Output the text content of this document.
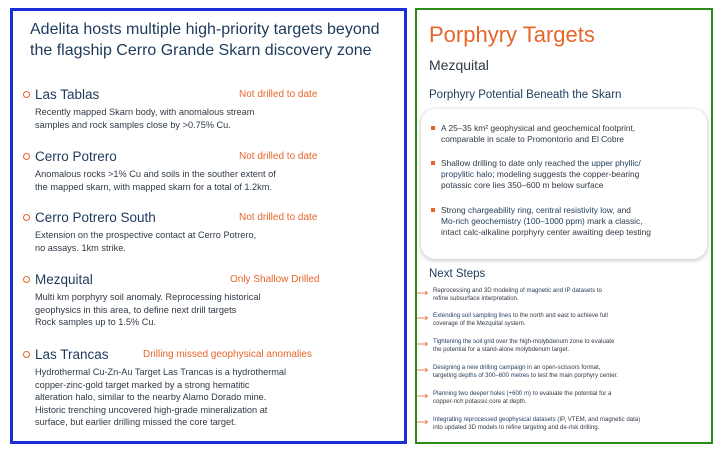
Adelita hosts multiple high-priority targets beyond
the flagship Cerro Grande Skarn discovery zone
Las Tablas	Not drilled to date
Recently mapped Skarn body, with anomalous stream
samples and rock samples close by >0.75% Cu.
Cerro Potrero	Not drilled to date
Anomalous rocks >1% Cu and soils in the souther extent of
the mapped skarn, with mapped skarn for a total of 1.2km.
Cerro Potrero South	Not drilled to date
Extension on the prospective contact at Cerro Potrero,
no assays. 1km strike.
Mezquital	Only Shallow Drilled
Multi km porphyry soil anomaly. Reprocessing historical
geophysics in this area, to define next drill targets
Rock samples up to 1.5% Cu.
Las Trancas	Drilling missed geophysical anomalies
Hydrothermal Cu-Zn-Au Target Las Trancas is a hydrothermal
copper-zinc-gold target marked by a strong hematitic
alteration halo, similar to the nearby Alamo Dorado mine.
Historic trenching uncovered high-grade mineralization at
surface, but earlier drilling missed the core target.
Porphyry Targets
Mezquital
Porphyry Potential Beneath the Skarn
A 25–35 km² geophysical and geochemical footprint,
comparable in scale to Promontorio and El Cobre
Shallow drilling to date only reached the upper phyllic/
propylitic halo; modeling suggests the copper-bearing
potassic core lies 350–600 m below surface
Strong chargeability ring, central resistivity low, and
Mo-rich geochemistry (100–1000 ppm) mark a classic,
intact calc-alkaline porphyry center awaiting deep testing
Next Steps
Reprocessing and 3D modeling of magnetic and IP datasets to
refine subsurface interpretation.
Extending soil sampling lines to the north and east to achieve full
coverage of the Mezquital system.
Tightening the soil grid over the high-molybdenum zone to evaluate
the potential for a stand-alone molybdenum target.
Designing a new drilling campaign in an open-scissors format,
targeting depths of 300–600 metres to test the main porphyry center.
Planning two deeper holes (+600 m) to evaluate the potential for a
copper-rich potassic core at depth.
Integrating reprocessed geophysical datasets (IP, VTEM, and magnetic data)
into updated 3D models to refine targeting and de-risk drilling.
